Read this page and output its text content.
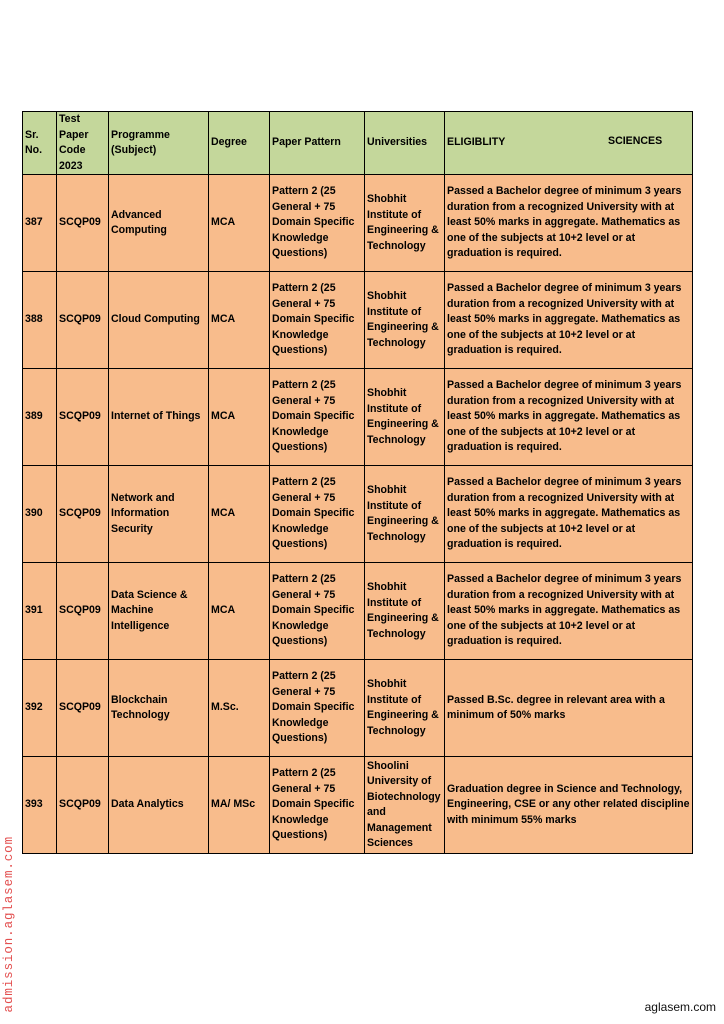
Sr. No.	Test Paper Code 2023	Programme (Subject)	Degree	Paper Pattern	Universities	ELIGIBLITY SCIENCES

387	SCQP09	Advanced Computing	MCA	Pattern 2 (25 General + 75 Domain Specific Knowledge Questions)	Shobhit Institute of Engineering & Technology	Passed a Bachelor degree of minimum 3 years duration from a recognized University with at least 50% marks in aggregate. Mathematics as one of the subjects at 10+2 level or at graduation is required.
388	SCQP09	Cloud Computing	MCA	Pattern 2 (25 General + 75 Domain Specific Knowledge Questions)	Shobhit Institute of Engineering & Technology	Passed a Bachelor degree of minimum 3 years duration from a recognized University with at least 50% marks in aggregate. Mathematics as one of the subjects at 10+2 level or at graduation is required.
389	SCQP09	Internet of Things	MCA	Pattern 2 (25 General + 75 Domain Specific Knowledge Questions)	Shobhit Institute of Engineering & Technology	Passed a Bachelor degree of minimum 3 years duration from a recognized University with at least 50% marks in aggregate. Mathematics as one of the subjects at 10+2 level or at graduation is required.
390	SCQP09	Network and Information Security	MCA	Pattern 2 (25 General + 75 Domain Specific Knowledge Questions)	Shobhit Institute of Engineering & Technology	Passed a Bachelor degree of minimum 3 years duration from a recognized University with at least 50% marks in aggregate. Mathematics as one of the subjects at 10+2 level or at graduation is required.
391	SCQP09	Data Science & Machine Intelligence	MCA	Pattern 2 (25 General + 75 Domain Specific Knowledge Questions)	Shobhit Institute of Engineering & Technology	Passed a Bachelor degree of minimum 3 years duration from a recognized University with at least 50% marks in aggregate. Mathematics as one of the subjects at 10+2 level or at graduation is required.
392	SCQP09	Blockchain Technology	M.Sc.	Pattern 2 (25 General + 75 Domain Specific Knowledge Questions)	Shobhit Institute of Engineering & Technology	Passed B.Sc. degree in relevant area with a minimum of 50% marks
393	SCQP09	Data Analytics	MA/ MSc	Pattern 2 (25 General + 75 Domain Specific Knowledge Questions)	Shoolini University of Biotechnology and Management Sciences	Graduation degree in Science and Technology, Engineering, CSE or any other related discipline with minimum 55% marks
admission.aglasem.com	aglasem.com
